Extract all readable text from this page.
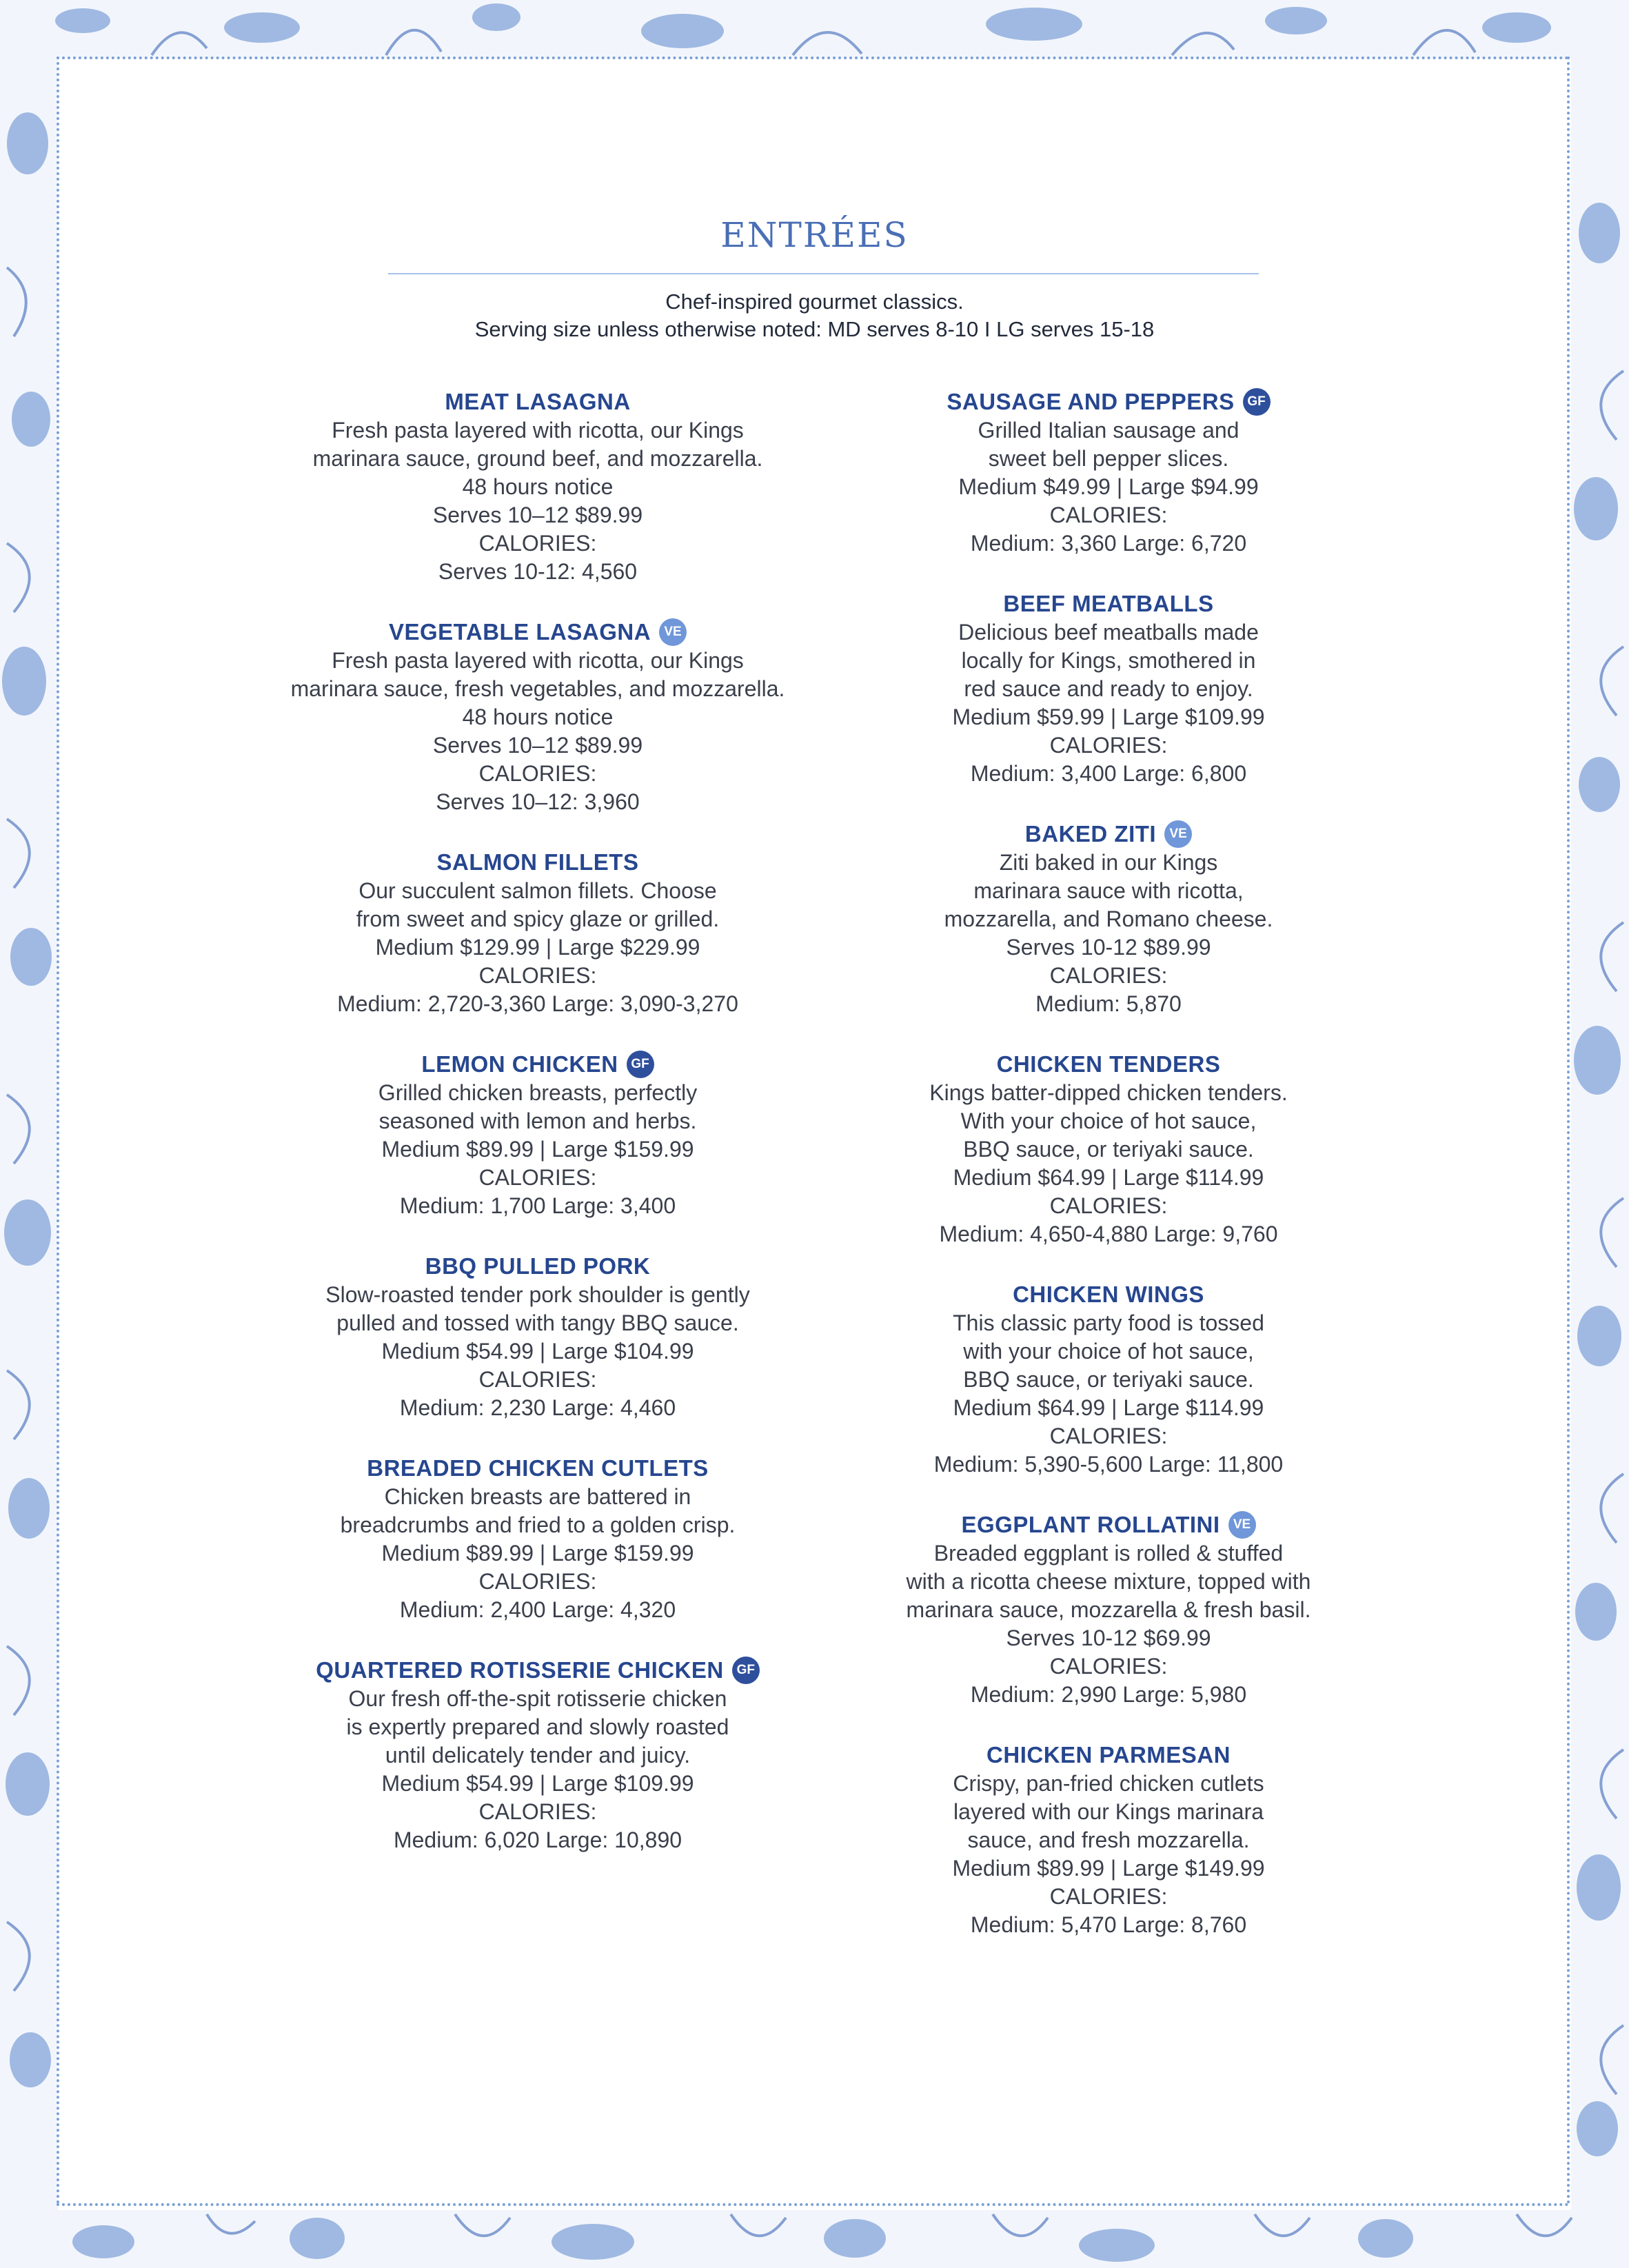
ENTRÉES
Chef-inspired gourmet classics.
Serving size unless otherwise noted: MD serves 8-10 I LG serves 15-18
MEAT LASAGNA
Fresh pasta layered with ricotta, our Kings
marinara sauce, ground beef, and mozzarella.
48 hours notice
Serves 10–12 $89.99
CALORIES:
Serves 10-12: 4,560
VEGETABLE LASAGNA	VE
Fresh pasta layered with ricotta, our Kings
marinara sauce, fresh vegetables, and mozzarella.
48 hours notice
Serves 10–12 $89.99
CALORIES:
Serves 10–12: 3,960
SALMON FILLETS
Our succulent salmon fillets. Choose
from sweet and spicy glaze or grilled.
Medium $129.99 | Large $229.99
CALORIES:
Medium: 2,720-3,360 Large: 3,090-3,270
LEMON CHICKEN GF
Grilled chicken breasts, perfectly
seasoned with lemon and herbs.
Medium $89.99 | Large $159.99
CALORIES:
Medium: 1,700 Large: 3,400
BBQ PULLED PORK
Slow-roasted tender pork shoulder is gently
pulled and tossed with tangy BBQ sauce.
Medium $54.99 | Large $104.99
CALORIES:
Medium: 2,230 Large: 4,460
BREADED CHICKEN CUTLETS
Chicken breasts are battered in
breadcrumbs and fried to a golden crisp.
Medium $89.99 | Large $159.99
CALORIES:
Medium: 2,400 Large: 4,320
QUARTERED ROTISSERIE CHICKEN GF
Our fresh off-the-spit rotisserie chicken
is expertly prepared and slowly roasted
until delicately tender and juicy.
Medium $54.99 | Large $109.99
CALORIES:
Medium: 6,020 Large: 10,890
SAUSAGE AND PEPPERS GF
Grilled Italian sausage and
sweet bell pepper slices.
Medium $49.99 | Large $94.99
CALORIES:
Medium: 3,360 Large: 6,720
BEEF MEATBALLS
Delicious beef meatballs made
locally for Kings, smothered in
red sauce and ready to enjoy.
Medium $59.99 | Large $109.99
CALORIES:
Medium: 3,400 Large: 6,800
BAKED ZITI	VE
Ziti baked in our Kings
marinara sauce with ricotta,
mozzarella, and Romano cheese.
Serves 10-12 $89.99
CALORIES:
Medium: 5,870
CHICKEN TENDERS
Kings batter-dipped chicken tenders.
With your choice of hot sauce,
BBQ sauce, or teriyaki sauce.
Medium $64.99 | Large $114.99
CALORIES:
Medium: 4,650-4,880 Large: 9,760
CHICKEN WINGS
This classic party food is tossed
with your choice of hot sauce,
BBQ sauce, or teriyaki sauce.
Medium $64.99 | Large $114.99
CALORIES:
Medium: 5,390-5,600 Large: 11,800
EGGPLANT ROLLATINI	VE
Breaded eggplant is rolled & stuffed
with a ricotta cheese mixture, topped with
marinara sauce, mozzarella & fresh basil.
Serves 10-12 $69.99
CALORIES:
Medium: 2,990 Large: 5,980
CHICKEN PARMESAN
Crispy, pan-fried chicken cutlets
layered with our Kings marinara
sauce, and fresh mozzarella.
Medium $89.99 | Large $149.99
CALORIES:
Medium: 5,470 Large: 8,760
